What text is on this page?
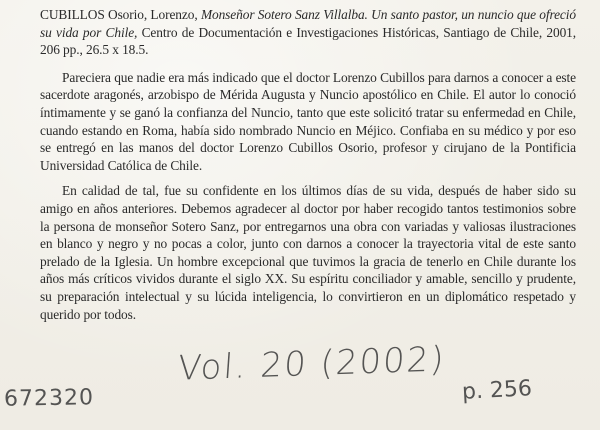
CUBILLOS Osorio, Lorenzo, Monseñor Sotero Sanz Villalba. Un santo pastor, un nuncio que ofreció su vida por Chile, Centro de Documentación e Investigaciones Históricas, Santiago de Chile, 2001, 206 pp., 26.5 x 18.5.

Pareciera que nadie era más indicado que el doctor Lorenzo Cubillos para darnos a conocer a este sacerdote aragonés, arzobispo de Mérida Augusta y Nuncio apostólico en Chile. El autor lo conoció íntimamente y se ganó la confianza del Nuncio, tanto que este solicitó tratar su enfermedad en Chile, cuando estando en Roma, había sido nombrado Nuncio en Méjico. Confiaba en su médico y por eso se entregó en las manos del doctor Lorenzo Cubillos Osorio, profesor y cirujano de la Pontificia Universidad Católica de Chile.

En calidad de tal, fue su confidente en los últimos días de su vida, después de haber sido su amigo en años anteriores. Debemos agradecer al doctor por haber recogido tantos testimonios sobre la persona de monseñor Sotero Sanz, por entregarnos una obra con variadas y valiosas ilustraciones en blanco y negro y no pocas a color, junto con darnos a conocer la trayectoria vital de este santo prelado de la Iglesia. Un hombre excepcional que tuvimos la gracia de tenerlo en Chile durante los años más críticos vividos durante el siglo XX. Su espíritu conciliador y amable, sencillo y prudente, su preparación intelectual y su lúcida inteligencia, lo convirtieron en un diplomático respetado y querido por todos.

Vol. 20 (2002)
p. 256
672320
